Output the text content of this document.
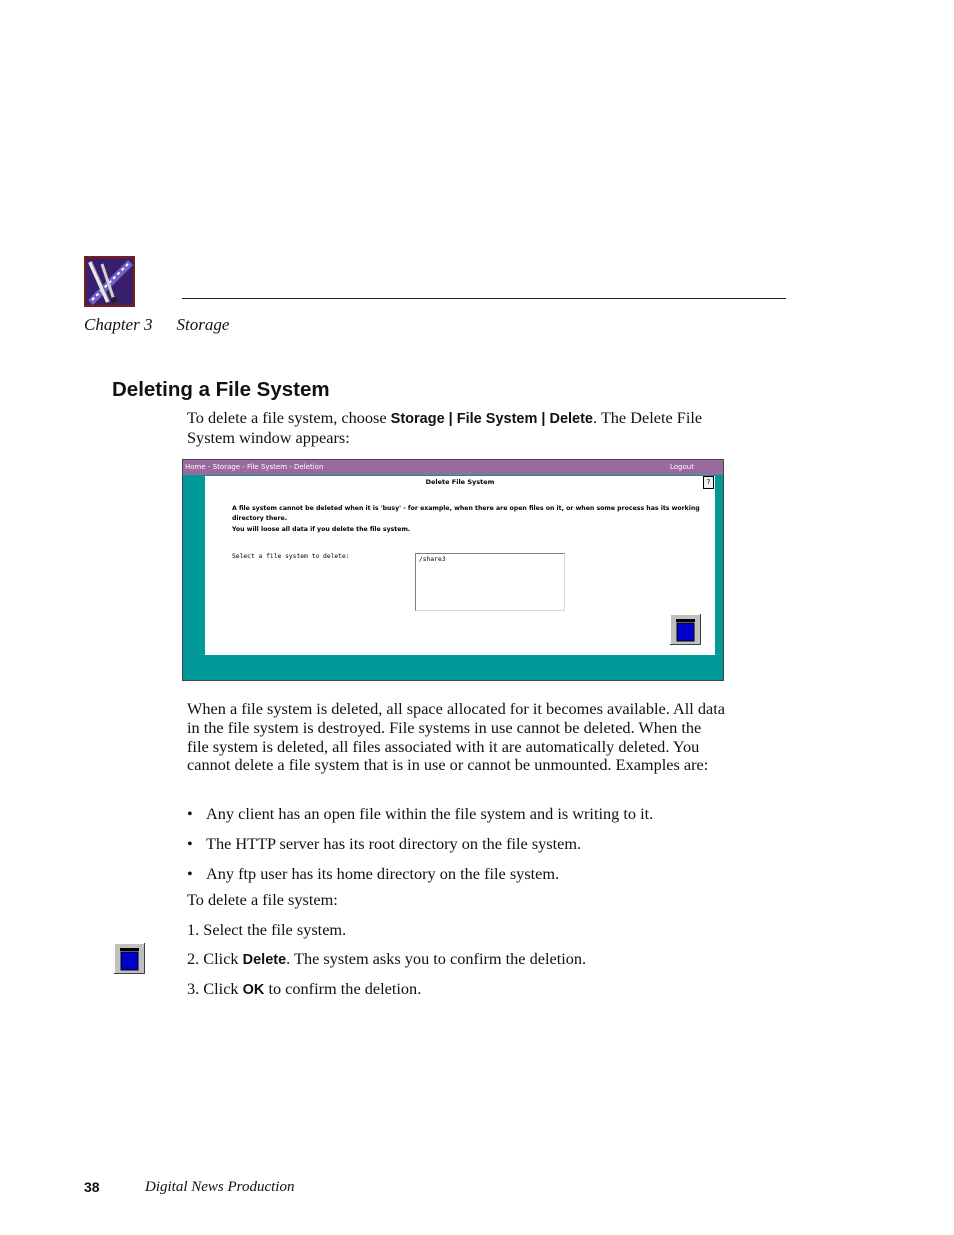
Chapter 3 Storage
Deleting a File System
To delete a file system, choose Storage | File System | Delete. The Delete File System window appears:
Home - Storage - File System - Deletion	Logout
Delete File System	?

A file system cannot be deleted when it is 'busy' - for example, when there are open files on it, or when some process has its working directory there.

You will loose all data if you delete the file system.

Select a file system to delete:	/share3
When a file system is deleted, all space allocated for it becomes available. All data in the file system is destroyed. File systems in use cannot be deleted. When the file system is deleted, all files associated with it are automatically deleted. You cannot delete a file system that is in use or cannot be unmounted. Examples are:
• Any client has an open file within the file system and is writing to it.
• The HTTP server has its root directory on the file system.
• Any ftp user has its home directory on the file system.
To delete a file system:
1. Select the file system.
2. Click Delete. The system asks you to confirm the deletion.
3. Click OK to confirm the deletion.
38	Digital News Production
